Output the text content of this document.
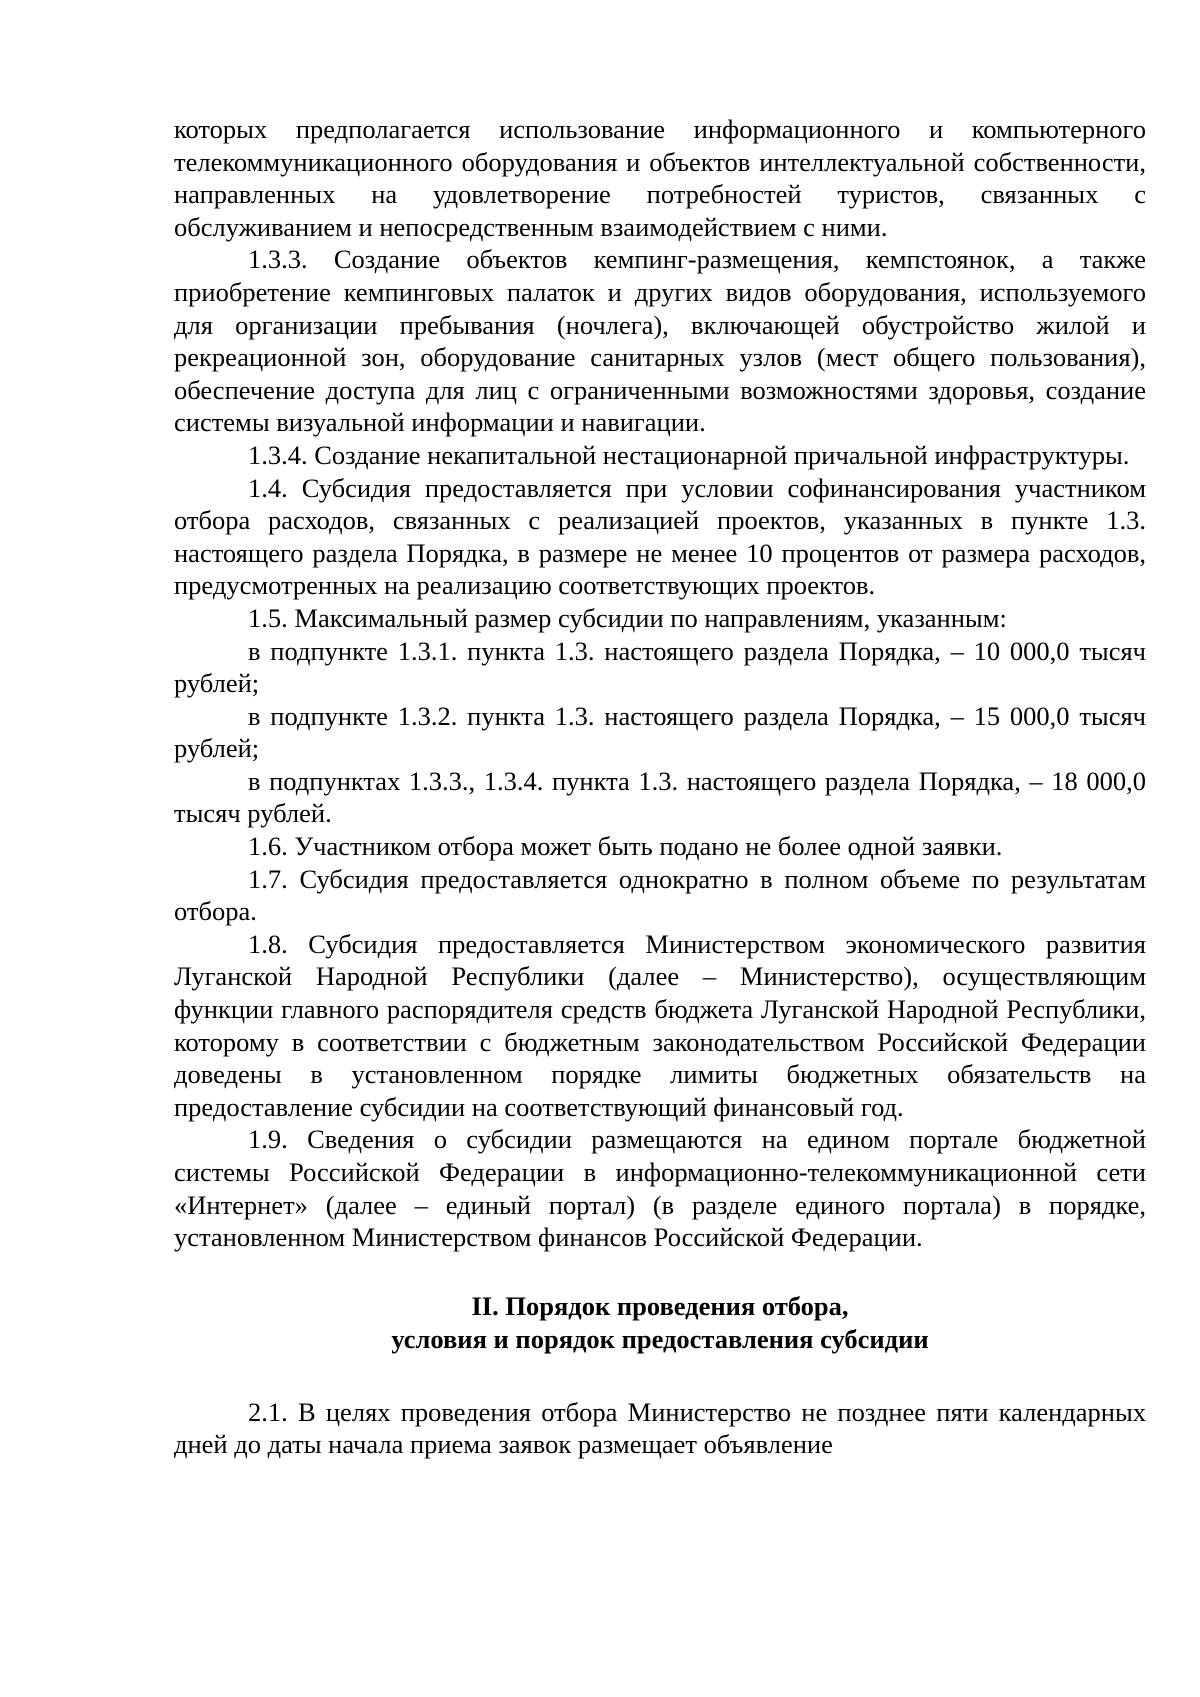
которых предполагается использование информационного и компьютерного телекоммуникационного оборудования и объектов интеллектуальной собственности, направленных на удовлетворение потребностей туристов, связанных с обслуживанием и непосредственным взаимодействием с ними.

1.3.3. Создание объектов кемпинг-размещения, кемпстоянок, а также приобретение кемпинговых палаток и других видов оборудования, используемого для организации пребывания (ночлега), включающей обустройство жилой и рекреационной зон, оборудование санитарных узлов (мест общего пользования), обеспечение доступа для лиц с ограниченными возможностями здоровья, создание системы визуальной информации и навигации.

1.3.4. Создание некапитальной нестационарной причальной инфраструктуры.

1.4. Субсидия предоставляется при условии софинансирования участником отбора расходов, связанных с реализацией проектов, указанных в пункте 1.3. настоящего раздела Порядка, в размере не менее 10 процентов от размера расходов, предусмотренных на реализацию соответствующих проектов.

1.5. Максимальный размер субсидии по направлениям, указанным:

в подпункте 1.3.1. пункта 1.3. настоящего раздела Порядка, – 10 000,0 тысяч рублей;

в подпункте 1.3.2. пункта 1.3. настоящего раздела Порядка, – 15 000,0 тысяч рублей;

в подпунктах 1.3.3., 1.3.4. пункта 1.3. настоящего раздела Порядка, – 18 000,0 тысяч рублей.

1.6. Участником отбора может быть подано не более одной заявки.

1.7. Субсидия предоставляется однократно в полном объеме по результатам отбора.

1.8. Субсидия предоставляется Министерством экономического развития Луганской Народной Республики (далее – Министерство), осуществляющим функции главного распорядителя средств бюджета Луганской Народной Республики, которому в соответствии с бюджетным законодательством Российской Федерации доведены в установленном порядке лимиты бюджетных обязательств на предоставление субсидии на соответствующий финансовый год.

1.9. Сведения о субсидии размещаются на едином портале бюджетной системы Российской Федерации в информационно-телекоммуникационной сети «Интернет» (далее – единый портал) (в разделе единого портала) в порядке, установленном Министерством финансов Российской Федерации.

II. Порядок проведения отбора,
условия и порядок предоставления субсидии

2.1. В целях проведения отбора Министерство не позднее пяти календарных дней до даты начала приема заявок размещает объявление
